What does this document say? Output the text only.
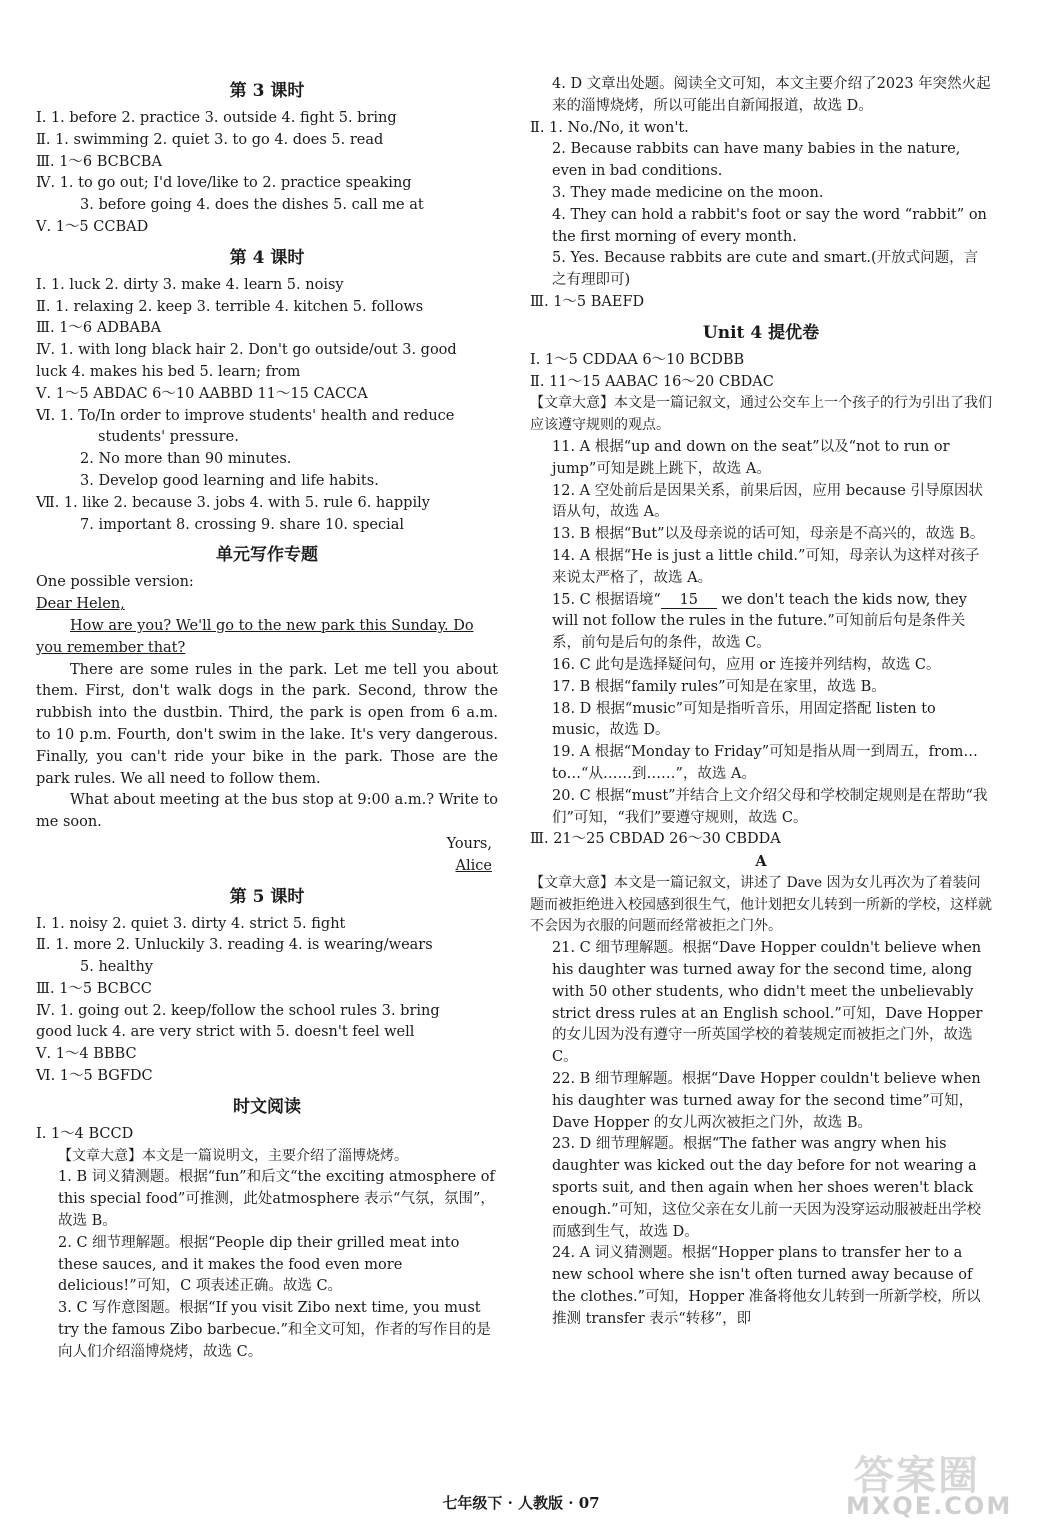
第 3 课时
Ⅰ. 1. before 2. practice 3. outside 4. fight 5. bring
Ⅱ. 1. swimming 2. quiet 3. to go 4. does 5. read
Ⅲ. 1～6 BCBCBA
Ⅳ. 1. to go out; I'd love/like to 2. practice speaking
3. before going 4. does the dishes 5. call me at
Ⅴ. 1～5 CCBAD
第 4 课时
Ⅰ. 1. luck 2. dirty 3. make 4. learn 5. noisy
Ⅱ. 1. relaxing 2. keep 3. terrible 4. kitchen 5. follows
Ⅲ. 1～6 ADBABA
Ⅳ. 1. with long black hair 2. Don't go outside/out 3. good
luck 4. makes his bed 5. learn; from
Ⅴ. 1～5 ABDAC 6～10 AABBD 11～15 CACCA
Ⅵ. 1. To/In order to improve students' health and reduce
students' pressure.
2. No more than 90 minutes.
3. Develop good learning and life habits.
Ⅶ. 1. like 2. because 3. jobs 4. with 5. rule 6. happily
7. important 8. crossing 9. share 10. special
单元写作专题
One possible version:
Dear Helen,
How are you? We'll go to the new park this Sunday. Do
you remember that?
There are some rules in the park. Let me tell you about them. First, don't walk dogs in the park. Second, throw the rubbish into the dustbin. Third, the park is open from 6 a.m. to 10 p.m. Fourth, don't swim in the lake. It's very dangerous. Finally, you can't ride your bike in the park. Those are the park rules. We all need to follow them.
What about meeting at the bus stop at 9:00 a.m.? Write to me soon.
Yours,
Alice
第 5 课时
Ⅰ. 1. noisy 2. quiet 3. dirty 4. strict 5. fight
Ⅱ. 1. more 2. Unluckily 3. reading 4. is wearing/wears
5. healthy
Ⅲ. 1～5 BCBCC
Ⅳ. 1. going out 2. keep/follow the school rules 3. bring
good luck 4. are very strict with 5. doesn't feel well
Ⅴ. 1～4 BBBC
Ⅵ. 1～5 BGFDC
时文阅读
Ⅰ. 1～4 BCCD
【文章大意】本文是一篇说明文，主要介绍了淄博烧烤。
1. B 词义猜测题。根据“fun”和后文“the exciting atmosphere of this special food”可推测，此处atmosphere 表示“气氛，氛围”，故选 B。
2. C 细节理解题。根据“People dip their grilled meat into these sauces, and it makes the food even more delicious!”可知，C 项表述正确。故选 C。
3. C 写作意图题。根据“If you visit Zibo next time, you must try the famous Zibo barbecue.”和全文可知，作者的写作目的是向人们介绍淄博烧烤，故选 C。
4. D 文章出处题。阅读全文可知，本文主要介绍了2023 年突然火起来的淄博烧烤，所以可能出自新闻报道，故选 D。
Ⅱ. 1. No./No, it won't.
2. Because rabbits can have many babies in the nature, even in bad conditions.
3. They made medicine on the moon.
4. They can hold a rabbit's foot or say the word “rabbit” on the first morning of every month.
5. Yes. Because rabbits are cute and smart.(开放式问题，言之有理即可)
Ⅲ. 1～5 BAEFD
Unit 4 提优卷
Ⅰ. 1～5 CDDAA 6～10 BCDBB
Ⅱ. 11～15 AABAC 16～20 CBDAC
【文章大意】本文是一篇记叙文，通过公交车上一个孩子的行为引出了我们应该遵守规则的观点。
11. A 根据“up and down on the seat”以及“not to run or jump”可知是跳上跳下，故选 A。
12. A 空处前后是因果关系，前果后因，应用 because 引导原因状语从句，故选 A。
13. B 根据“But”以及母亲说的话可知，母亲是不高兴的，故选 B。
14. A 根据“He is just a little child.”可知，母亲认为这样对孩子来说太严格了，故选 A。
15. C 根据语境“ 15 we don't teach the kids now, they will not follow the rules in the future.”可知前后句是条件关系，前句是后句的条件，故选 C。
16. C 此句是选择疑问句，应用 or 连接并列结构，故选 C。
17. B 根据“family rules”可知是在家里，故选 B。
18. D 根据“music”可知是指听音乐，用固定搭配 listen to music，故选 D。
19. A 根据“Monday to Friday”可知是指从周一到周五，from…to…“从……到……”，故选 A。
20. C 根据“must”并结合上文介绍父母和学校制定规则是在帮助“我们”可知，“我们”要遵守规则，故选 C。
Ⅲ. 21～25 CBDAD 26～30 CBDDA
A
【文章大意】本文是一篇记叙文，讲述了 Dave 因为女儿再次为了着装问题而被拒绝进入校园感到很生气，他计划把女儿转到一所新的学校，这样就不会因为衣服的问题而经常被拒之门外。
21. C 细节理解题。根据“Dave Hopper couldn't believe when his daughter was turned away for the second time, along with 50 other students, who didn't meet the unbelievably strict dress rules at an English school.”可知，Dave Hopper 的女儿因为没有遵守一所英国学校的着装规定而被拒之门外，故选 C。
22. B 细节理解题。根据“Dave Hopper couldn't believe when his daughter was turned away for the second time”可知，Dave Hopper 的女儿两次被拒之门外，故选 B。
23. D 细节理解题。根据“The father was angry when his daughter was kicked out the day before for not wearing a sports suit, and then again when her shoes weren't black enough.”可知，这位父亲在女儿前一天因为没穿运动服被赶出学校而感到生气，故选 D。
24. A 词义猜测题。根据“Hopper plans to transfer her to a new school where she isn't often turned away because of the clothes.”可知，Hopper 准备将他女儿转到一所新学校，所以推测 transfer 表示“转移”，即
七年级下 · 人教版 · 07
答案圈
MXQE.COM
